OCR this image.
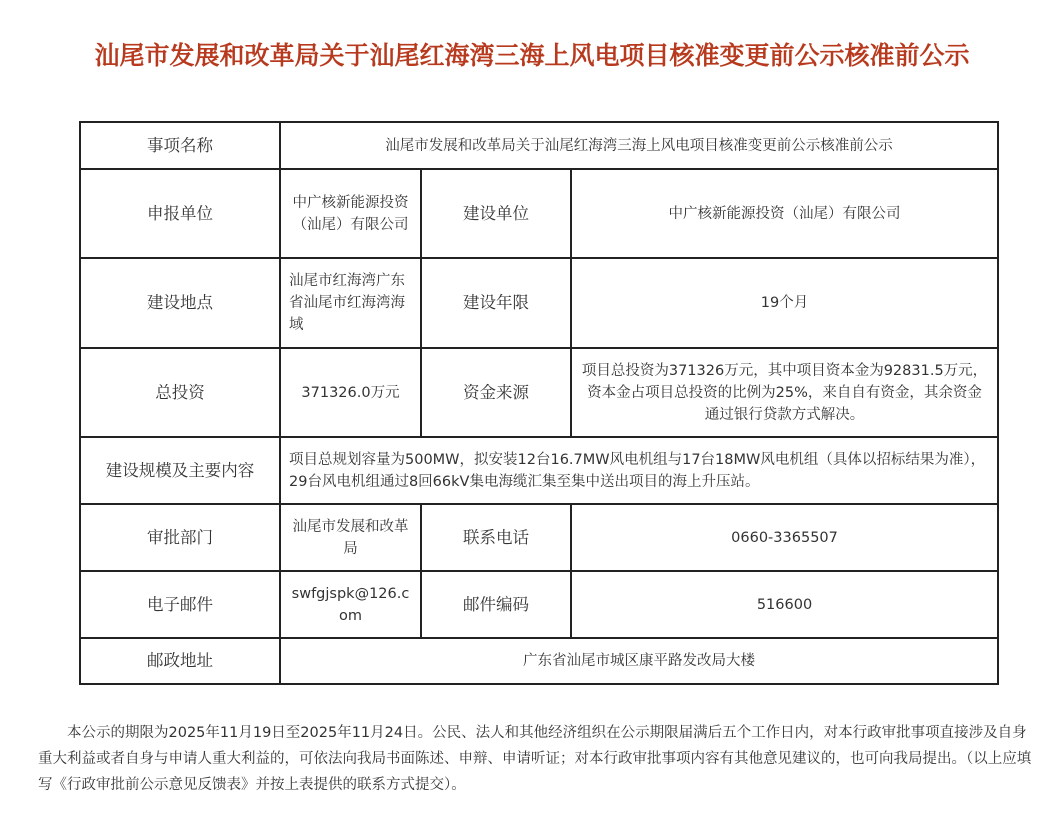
汕尾市发展和改革局关于汕尾红海湾三海上风电项目核准变更前公示核准前公示
事项名称	汕尾市发展和改革局关于汕尾红海湾三海上风电项目核准变更前公示核准前公示		
申报单位	中广核新能源投资（汕尾）有限公司	建设单位	中广核新能源投资（汕尾）有限公司
建设地点	汕尾市红海湾广东省汕尾市红海湾海域	建设年限	19个月
总投资	371326.0万元	资金来源	项目总投资为371326万元，其中项目资本金为92831.5万元，资本金占项目总投资的比例为25%，来自自有资金，其余资金通过银行贷款方式解决。
建设规模及主要内容	项目总规划容量为500MW，拟安装12台16.7MW风电机组与17台18MW风电机组（具体以招标结果为准），29台风电机组通过8回66kV集电海缆汇集至集中送出项目的海上升压站。		
审批部门	汕尾市发展和改革局	联系电话	0660-3365507
电子邮件	swfgjspk@126.com	邮件编码	516600
邮政地址	广东省汕尾市城区康平路发改局大楼		

本公示的期限为2025年11月19日至2025年11月24日。公民、法人和其他经济组织在公示期限届满后五个工作日内，对本行政审批事项直接涉及自身重大利益或者自身与申请人重大利益的，可依法向我局书面陈述、申辩、申请听证；对本行政审批事项内容有其他意见建议的，也可向我局提出。（以上应填写《行政审批前公示意见反馈表》并按上表提供的联系方式提交）。
